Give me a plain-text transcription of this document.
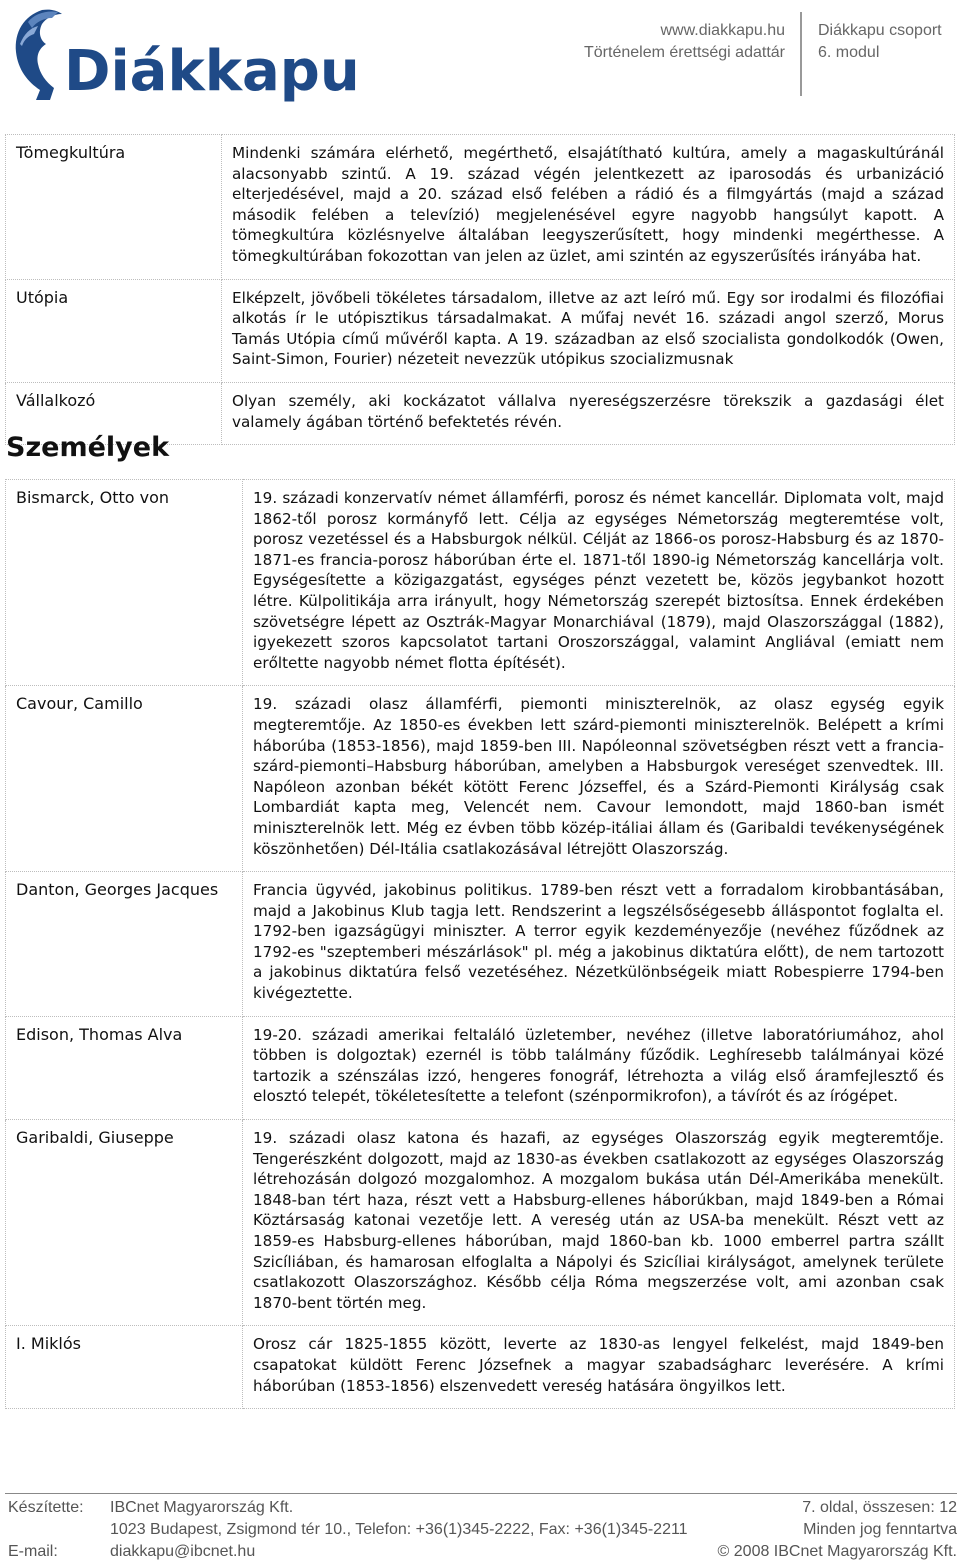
Diákkapu
www.diakkapu.hu
Történelem érettségi adattár
Diákkapu csoport
6. modul
Tömegkultúra	Mindenki számára elérhető, megérthető, elsajátítható kultúra, amely a magaskultúránál alacsonyabb szintű. A 19. század végén jelentkezett az iparosodás és urbanizáció elterjedésével, majd a 20. század első felében a rádió és a filmgyártás (majd a század második felében a televízió) megjelenésével egyre nagyobb hangsúlyt kapott. A tömegkultúra közlésnyelve általában leegyszerűsített, hogy mindenki megérthesse. A tömegkultúrában fokozottan van jelen az üzlet, ami szintén az egyszerűsítés irányába hat.
Utópia	Elképzelt, jövőbeli tökéletes társadalom, illetve az azt leíró mű. Egy sor irodalmi és filozófiai alkotás ír le utópisztikus társadalmakat. A műfaj nevét 16. századi angol szerző, Morus Tamás Utópia című művéről kapta. A 19. században az első szocialista gondolkodók (Owen, Saint-Simon, Fourier) nézeteit nevezzük utópikus szocializmusnak
Vállalkozó	Olyan személy, aki kockázatot vállalva nyereségszerzésre törekszik a gazdasági élet valamely ágában történő befektetés révén.
Személyek
Bismarck, Otto von	19. századi konzervatív német államférfi, porosz és német kancellár. Diplomata volt, majd 1862-től porosz kormányfő lett. Célja az egységes Németország megteremtése volt, porosz vezetéssel és a Habsburgok nélkül. Célját az 1866-os porosz-Habsburg és az 1870-1871-es francia-porosz háborúban érte el. 1871-től 1890-ig Németország kancellárja volt. Egységesítette a közigazgatást, egységes pénzt vezetett be, közös jegybankot hozott létre. Külpolitikája arra irányult, hogy Németország szerepét biztosítsa. Ennek érdekében szövetségre lépett az Osztrák-Magyar Monarchiával (1879), majd Olaszországgal (1882), igyekezett szoros kapcsolatot tartani Oroszországgal, valamint Angliával (emiatt nem erőltette nagyobb német flotta építését).
Cavour, Camillo	19. századi olasz államférfi, piemonti miniszterelnök, az olasz egység egyik megteremtője. Az 1850-es években lett szárd-piemonti miniszterelnök. Belépett a krími háborúba (1853-1856), majd 1859-ben III. Napóleonnal szövetségben részt vett a francia-szárd-piemonti–Habsburg háborúban, amelyben a Habsburgok vereséget szenvedtek. III. Napóleon azonban békét kötött Ferenc Józseffel, és a Szárd-Piemonti Királyság csak Lombardiát kapta meg, Velencét nem. Cavour lemondott, majd 1860-ban ismét miniszterelnök lett. Még ez évben több közép-itáliai állam és (Garibaldi tevékenységének köszönhetően) Dél-Itália csatlakozásával létrejött Olaszország.
Danton, Georges Jacques	Francia ügyvéd, jakobinus politikus. 1789-ben részt vett a forradalom kirobbantásában, majd a Jakobinus Klub tagja lett. Rendszerint a legszélsőségesebb álláspontot foglalta el. 1792-ben igazságügyi miniszter. A terror egyik kezdeményezője (nevéhez fűződnek az 1792-es "szeptemberi mészárlások" pl. még a jakobinus diktatúra előtt), de nem tartozott a jakobinus diktatúra felső vezetéséhez. Nézetkülönbségeik miatt Robespierre 1794-ben kivégeztette.
Edison, Thomas Alva	19-20. századi amerikai feltaláló üzletember, nevéhez (illetve laboratóriumához, ahol többen is dolgoztak) ezernél is több találmány fűződik. Leghíresebb találmányai közé tartozik a szénszálas izzó, hengeres fonográf, létrehozta a világ első áramfejlesztő és elosztó telepét, tökéletesítette a telefont (szénpormikrofon), a távírót és az írógépet.
Garibaldi, Giuseppe	19. századi olasz katona és hazafi, az egységes Olaszország egyik megteremtője. Tengerészként dolgozott, majd az 1830-as években csatlakozott az egységes Olaszország létrehozásán dolgozó mozgalomhoz. A mozgalom bukása után Dél-Amerikába menekült. 1848-ban tért haza, részt vett a Habsburg-ellenes háborúkban, majd 1849-ben a Római Köztársaság katonai vezetője lett. A vereség után az USA-ba menekült. Részt vett az 1859-es Habsburg-ellenes háborúban, majd 1860-ban kb. 1000 emberrel partra szállt Szicíliában, és hamarosan elfoglalta a Nápolyi és Szicíliai királyságot, amelynek területe csatlakozott Olaszországhoz. Később célja Róma megszerzése volt, ami azonban csak 1870-bent történ meg.
I. Miklós	Orosz cár 1825-1855 között, leverte az 1830-as lengyel felkelést, majd 1849-ben csapatokat küldött Ferenc Józsefnek a magyar szabadságharc leverésére. A krími háborúban (1853-1856) elszenvedett vereség hatására öngyilkos lett.
Készítette: IBCnet Magyarország Kft.
1023 Budapest, Zsigmond tér 10., Telefon: +36(1)345-2222, Fax: +36(1)345-2211
E-mail:	diakkapu@ibcnet.hu
7. oldal, összesen: 12
Minden jog fenntartva
© 2008 IBCnet Magyarország Kft.
